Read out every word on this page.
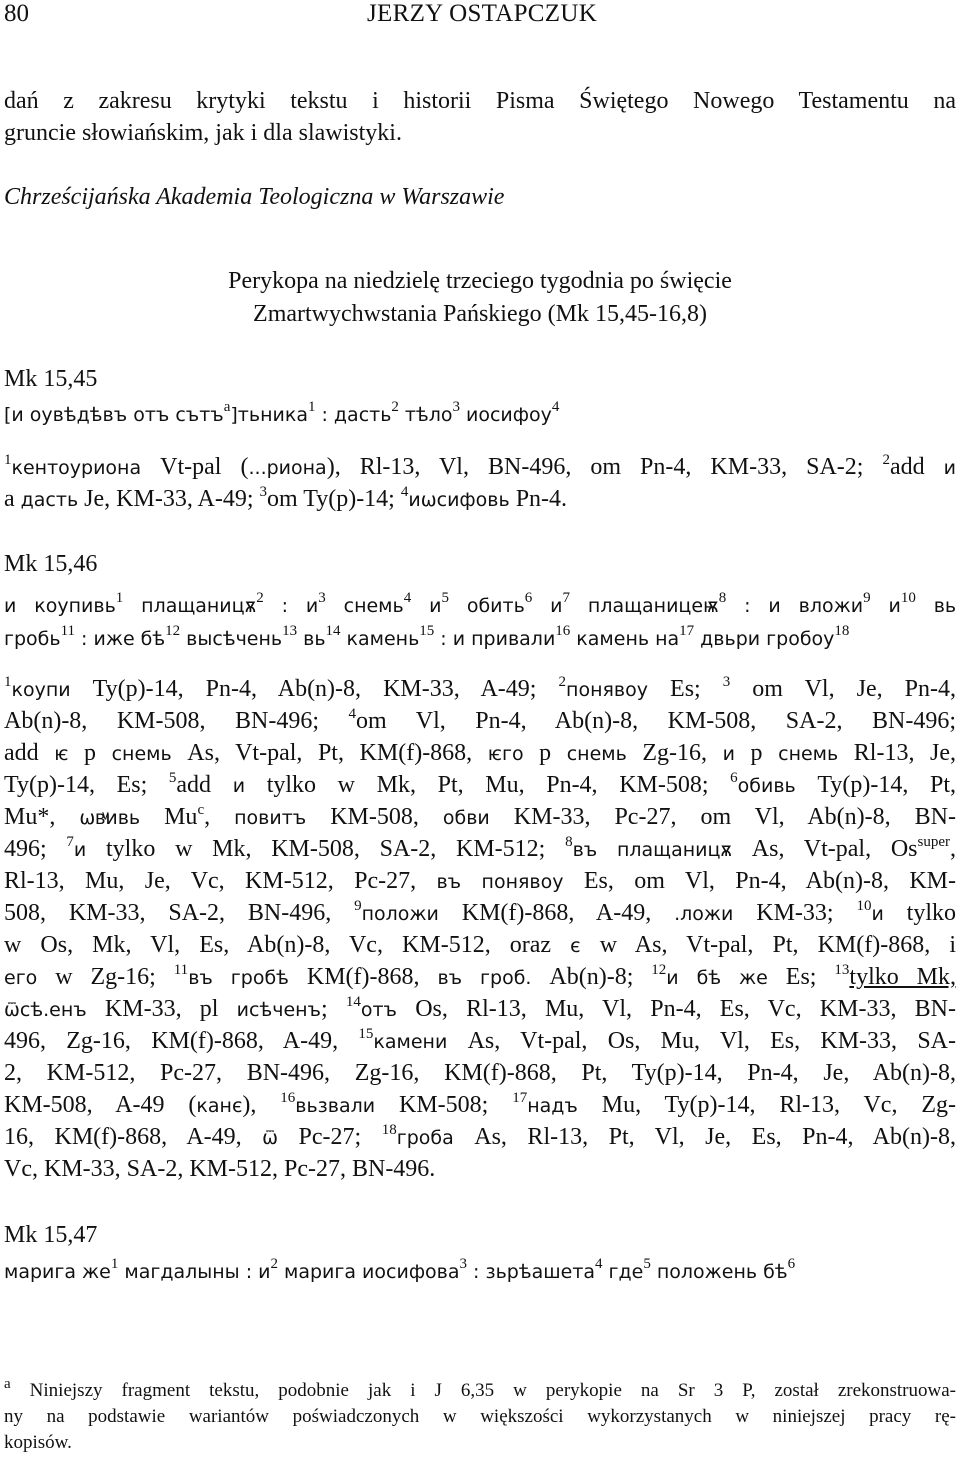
80	JERZY OSTAPCZUK
dań z zakresu krytyki tekstu i historii Pisma Świętego Nowego Testamentu na
gruncie słowiańskim, jak i dla slawistyki.
Chrześcijańska Akademia Teologiczna w Warszawie
Perykopa na niedzielę trzeciego tygodnia po święcie
Zmartwychwstania Pańskiego (Mk 15,45-16,8)
Mk 15,45
[и оувѣдѣвъ отъ сътъ$^a$]тьника$^1$ : дасть$^2$ тѣло$^3$ иосифоу$^4$
$^1$кентоуриона Vt-pal (...риона), Rl-13, Vl, BN-496, om Pn-4, KM-33, SA-2; $^2$add и
a дасть Je, KM-33, A-49; $^3$om Ty(p)-14; $^4$иωсифовь Pn-4.
Mk 15,46
и коупивь$^1$ плащаницѫ$^2$ : $и^3$ снемь$^4$ $и^5$ обить$^6$ $и^7$ плащаницеѭ$^8$ : и вложи$^9$ $и^{10}$ вь
гробь$^{11}$ : иже $бѣ^{12}$ высѣчень$^{13}$ $вь^{14}$ камень$^{15}$ : и привали$^{16}$ камень $на^{17}$ двьри гробоу$^{18}$
$^1$коупи Ty(p)-14, Pn-4, Ab(n)-8, KM-33, A-49; $^2$понявоу Es; $^3$ om Vl, Je, Pn-4,
Ab(n)-8, KM-508, BN-496; $^4$om Vl, Pn-4, Ab(n)-8, KM-508, SA-2, BN-496;
add ѥ p снемь As, Vt-pal, Pt, KM(f)-868, ѥго p снемь Zg-16, и p снемь Rl-13, Je,
Ty(p)-14, Es; $^5$add и tylko w Mk, Pt, Mu, Pn-4, KM-508; $^6$обивь Ty(p)-14, Pt,
Mu*, ωвͮивь Mu$^c$, повитъ KM-508, обви KM-33, Pc-27, om Vl, Ab(n)-8, BN-
496; $^7$и tylko w Mk, KM-508, SA-2, KM-512; $^8$въ плащаницѫ As, Vt-pal, $Os^{super}$,
Rl-13, Mu, Je, Vc, KM-512, Pc-27, въ понявоу Es, om Vl, Pn-4, Ab(n)-8, KM-
508, KM-33, SA-2, BN-496, $^9$положи KM(f)-868, A-49, .ложи KM-33; $^{10}$и tylko
w Os, Mk, Vl, Es, Ab(n)-8, Vc, KM-512, oraz є w As, Vt-pal, Pt, KM(f)-868, i
его w Zg-16; $^{11}$въ гробѣ KM(f)-868, въ гроб. Ab(n)-8; $^{12}$и бѣ же Es; $^{13}$tylko Mk,
ѿсѣ.енъ KM-33, pl исѣченъ; $^{14}$отъ Os, Rl-13, Mu, Vl, Pn-4, Es, Vc, KM-33, BN-
496, Zg-16, KM(f)-868, A-49, $^{15}$камени As, Vt-pal, Os, Mu, Vl, Es, KM-33, SA-
2, KM-512, Pc-27, BN-496, Zg-16, KM(f)-868, Pt, Ty(p)-14, Pn-4, Je, Ab(n)-8,
KM-508, A-49 (канє), $^{16}$вьзвали KM-508; $^{17}$надъ Mu, Ty(p)-14, Rl-13, Vc, Zg-
16, KM(f)-868, A-49, ѿ Pc-27; $^{18}$гроба As, Rl-13, Pt, Vl, Je, Es, Pn-4, Ab(n)-8,
Vc, KM-33, SA-2, KM-512, Pc-27, BN-496.
Mk 15,47
марига $же^1$ магдалыны : $и^2$ марига иосифова$^3$ : зьрѣашета$^4$ где$^5$ положень $бѣ^6$
$^a$ Niniejszy fragment tekstu, podobnie jak i J 6,35 w perykopie na Sr 3 P, został zrekonstruowa-
ny na podstawie wariantów poświadczonych w większości wykorzystanych w niniejszej pracy rę-
kopisów.
